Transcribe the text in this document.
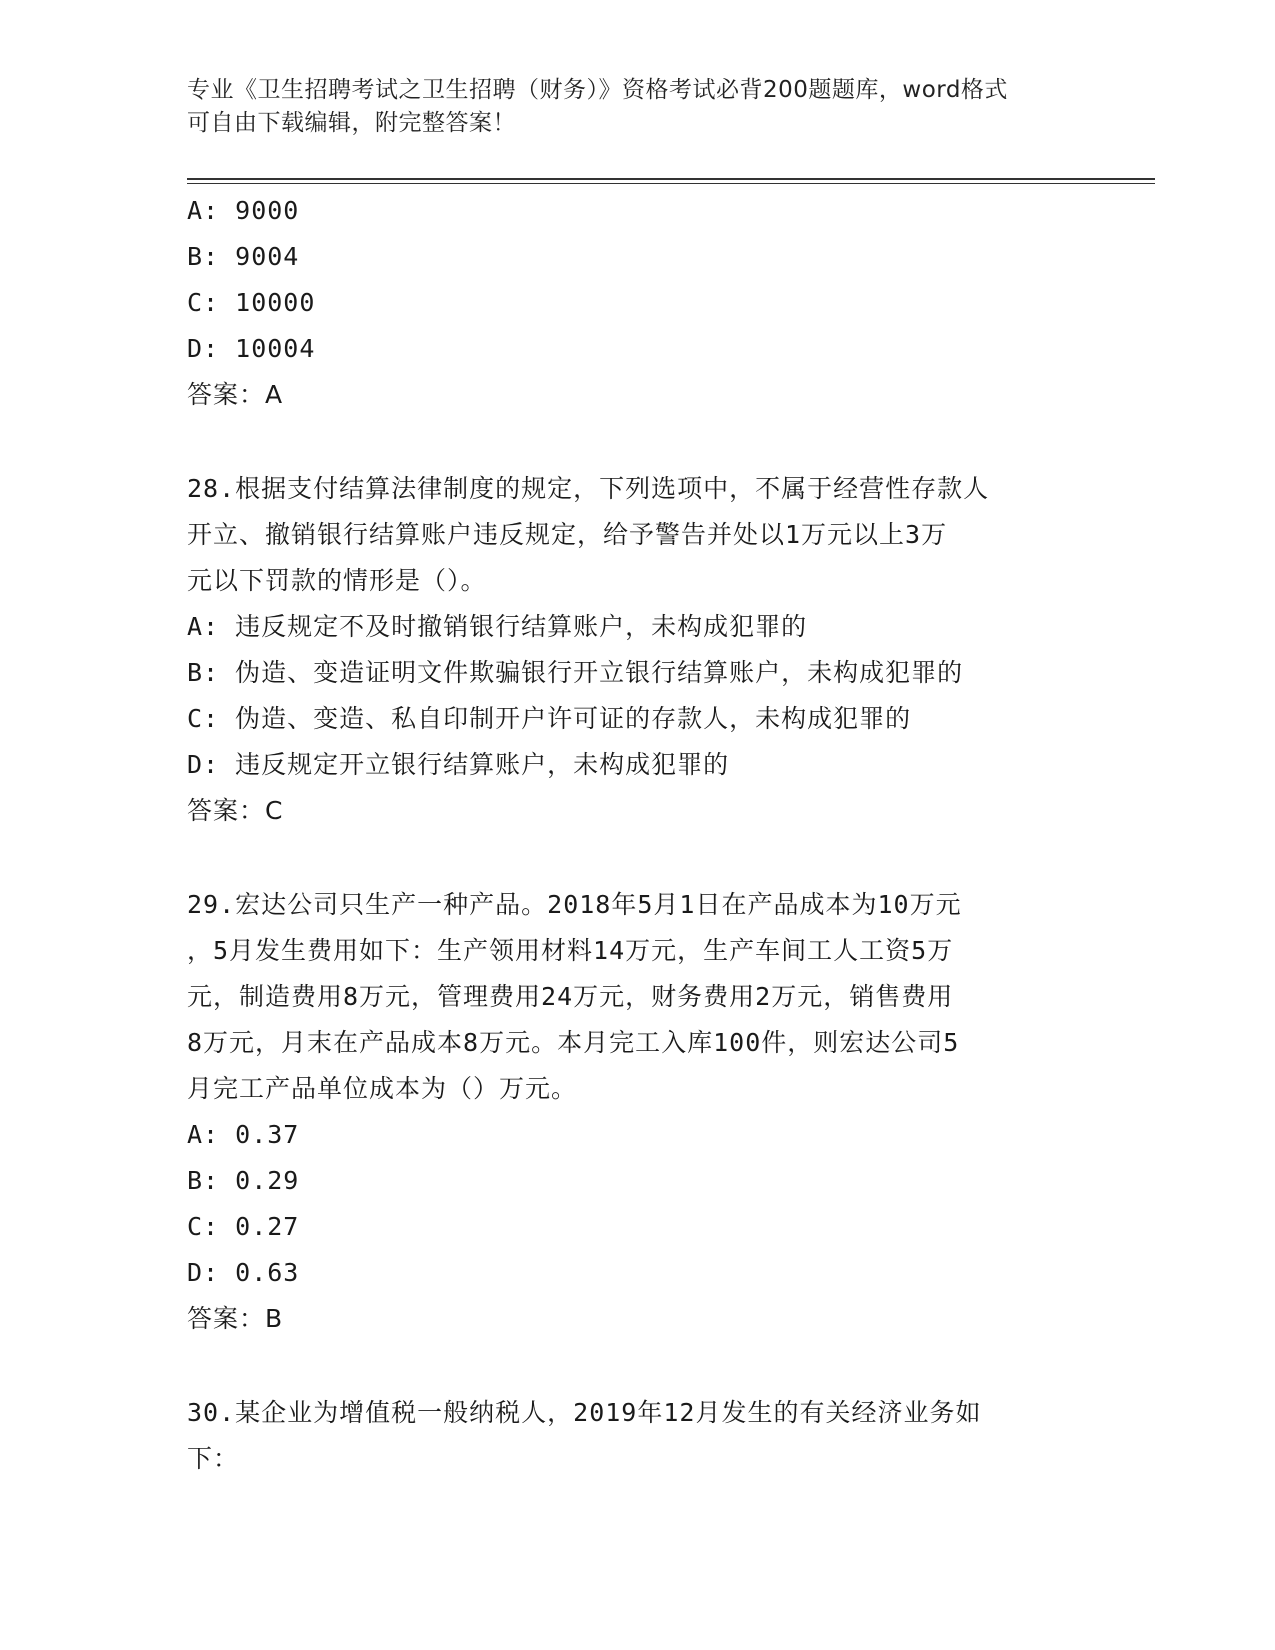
专业《卫生招聘考试之卫生招聘（财务）》资格考试必背200题题库，word格式
可自由下载编辑，附完整答案！
A: 9000
B: 9004
C: 10000
D: 10004
答案：A
28.根据支付结算法律制度的规定，下列选项中，不属于经营性存款人
开立、撤销银行结算账户违反规定，给予警告并处以1万元以上3万
元以下罚款的情形是（）。
A: 违反规定不及时撤销银行结算账户，未构成犯罪的
B: 伪造、变造证明文件欺骗银行开立银行结算账户，未构成犯罪的
C: 伪造、变造、私自印制开户许可证的存款人，未构成犯罪的
D: 违反规定开立银行结算账户，未构成犯罪的
答案：C
29.宏达公司只生产一种产品。2018年5月1日在产品成本为10万元
，5月发生费用如下：生产领用材料14万元，生产车间工人工资5万
元，制造费用8万元，管理费用24万元，财务费用2万元，销售费用
8万元，月末在产品成本8万元。本月完工入库100件，则宏达公司5
月完工产品单位成本为（）万元。
A: 0.37
B: 0.29
C: 0.27
D: 0.63
答案：B
30.某企业为增值税一般纳税人，2019年12月发生的有关经济业务如
下：
